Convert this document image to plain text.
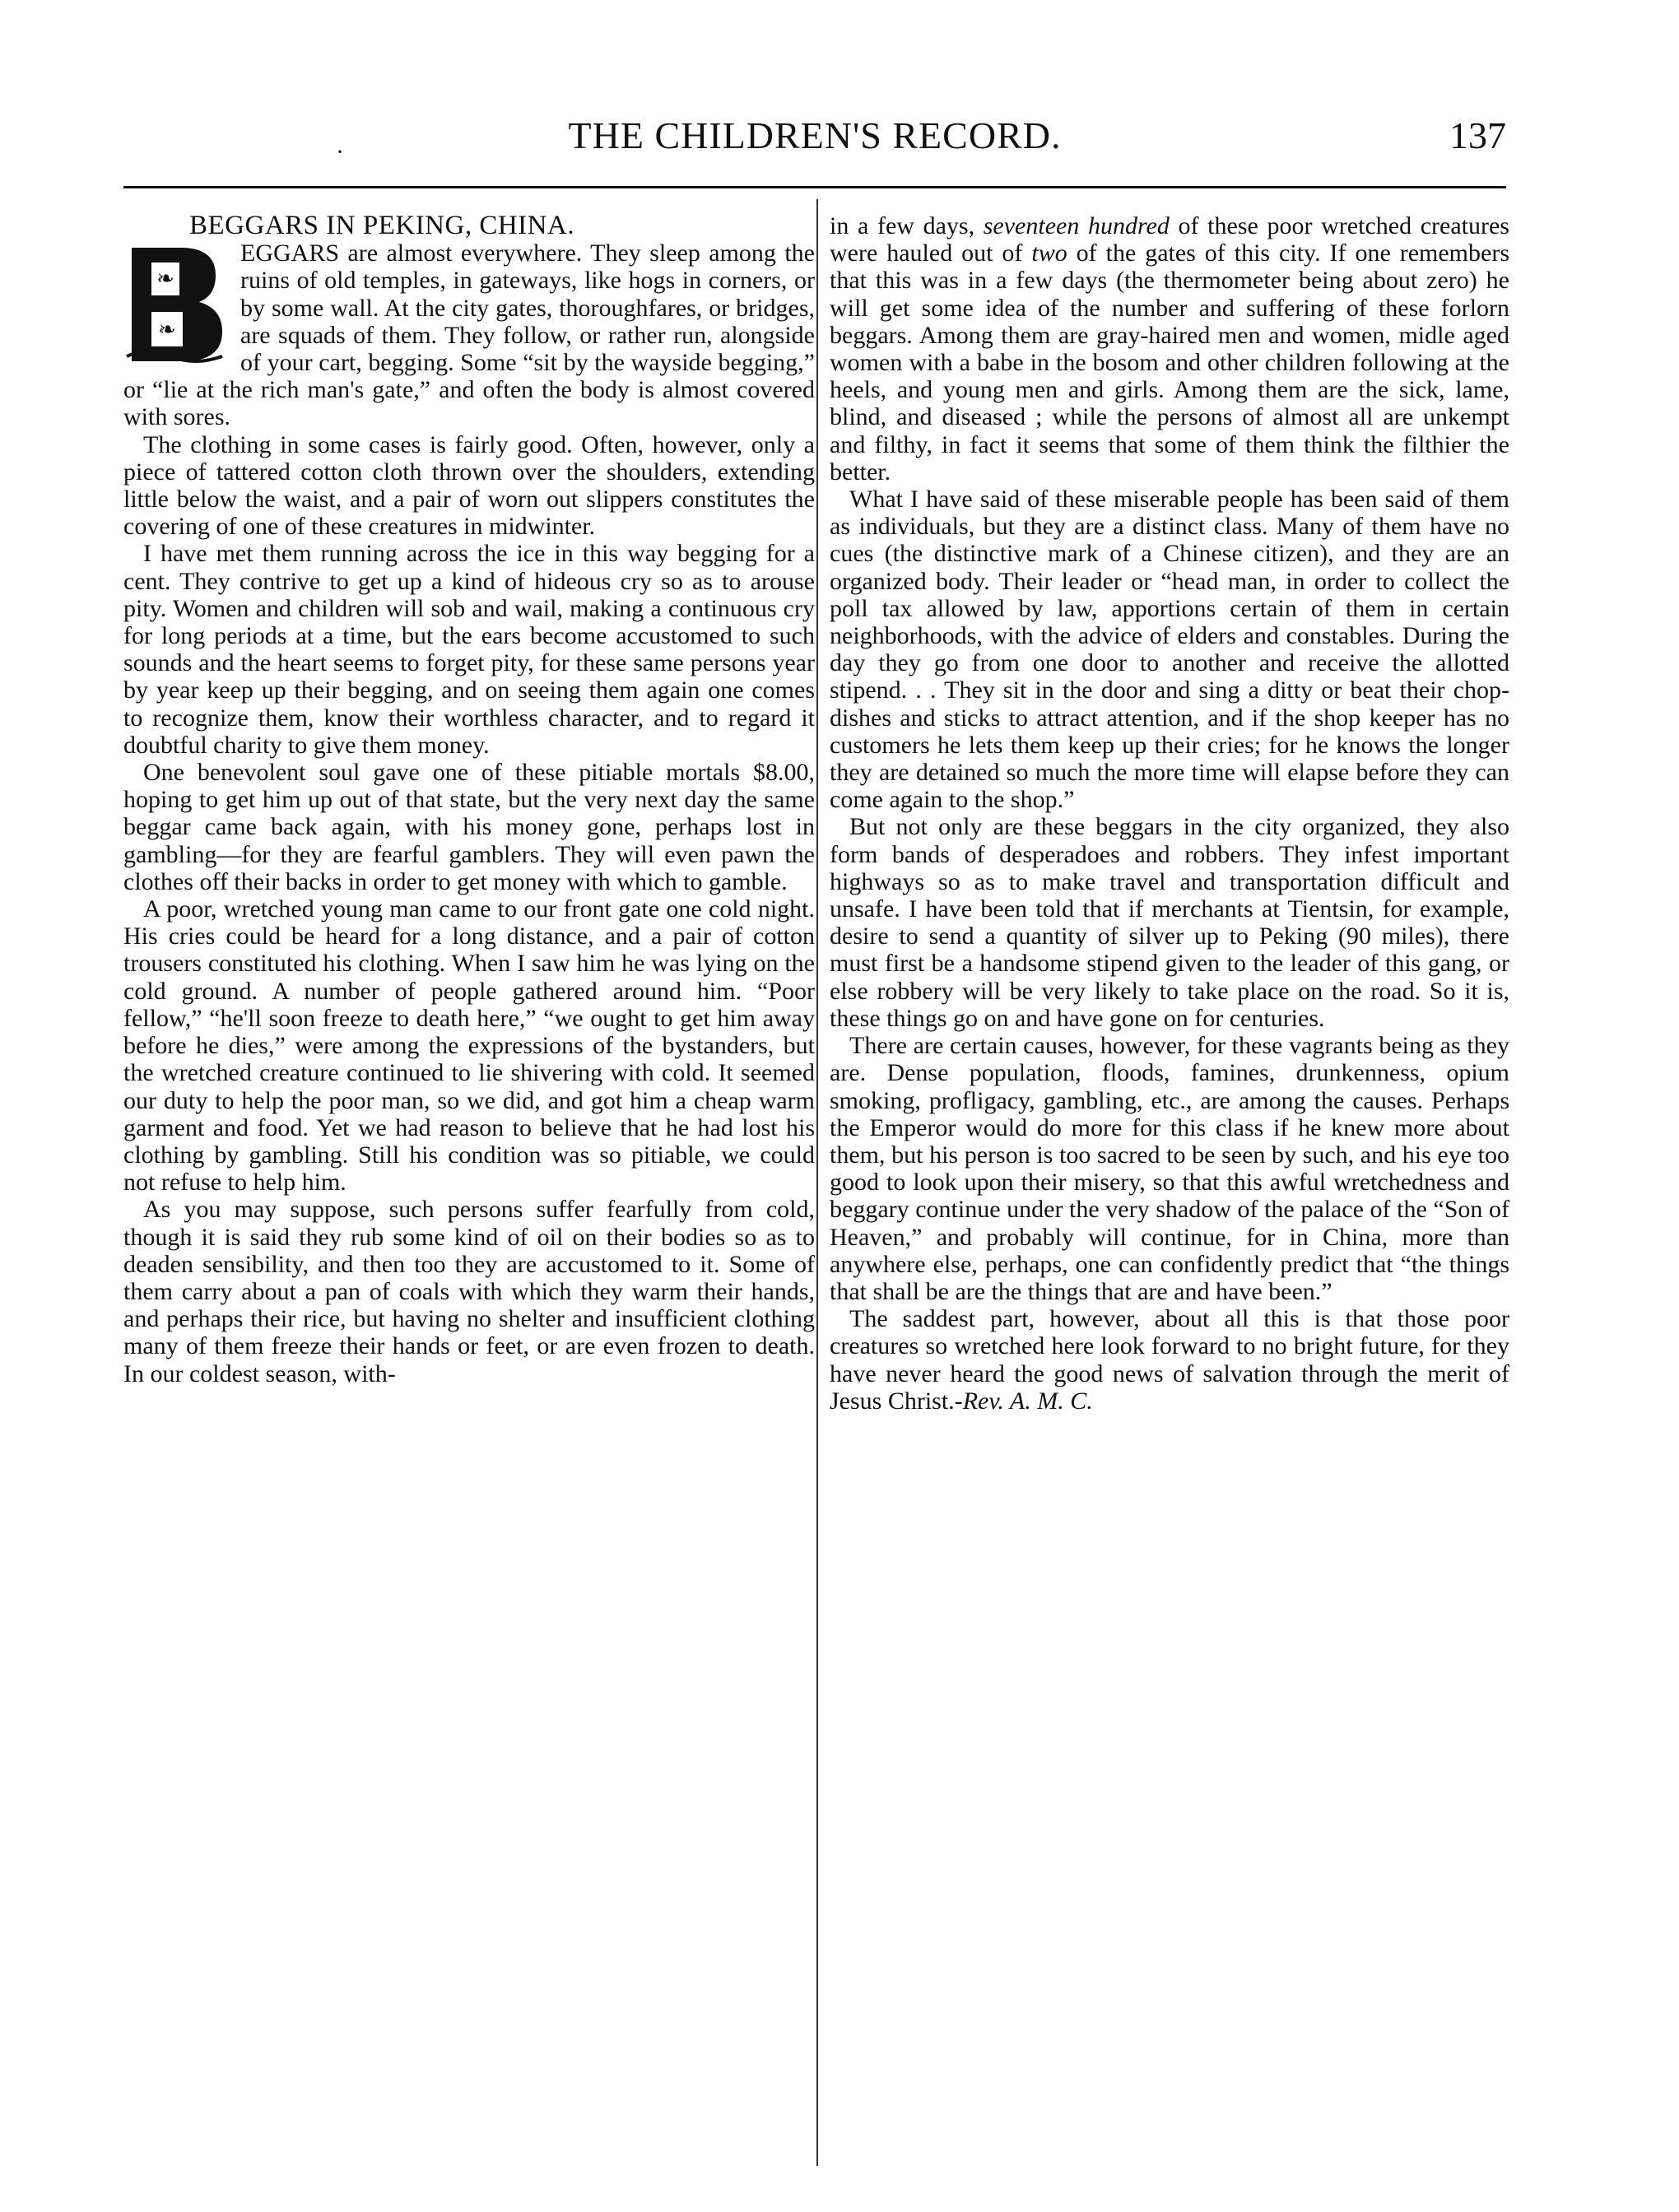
·	THE CHILDREN'S RECORD.	137
BEGGARS IN PEKING, CHINA.
❧
❧

EGGARS are almost everywhere. They sleep among the ruins of old temples, in gateways, like hogs in corners, or by some wall. At the city gates, thoroughfares, or bridges, are squads of them. They follow, or rather run, alongside of your cart, begging. Some “sit by the wayside begging,” or “lie at the rich man's gate,” and often the body is almost covered with sores.

The clothing in some cases is fairly good. Often, however, only a piece of tattered cotton cloth thrown over the shoulders, extending little below the waist, and a pair of worn out slippers constitutes the covering of one of these creatures in midwinter.

I have met them running across the ice in this way begging for a cent. They contrive to get up a kind of hideous cry so as to arouse pity. Women and children will sob and wail, making a continuous cry for long periods at a time, but the ears become accustomed to such sounds and the heart seems to forget pity, for these same persons year by year keep up their begging, and on seeing them again one comes to recognize them, know their worthless character, and to regard it doubtful charity to give them money.

One benevolent soul gave one of these pitiable mortals $8.00, hoping to get him up out of that state, but the very next day the same beggar came back again, with his money gone, perhaps lost in gambling—for they are fearful gamblers. They will even pawn the clothes off their backs in order to get money with which to gamble.

A poor, wretched young man came to our front gate one cold night. His cries could be heard for a long distance, and a pair of cotton trousers constituted his clothing. When I saw him he was lying on the cold ground. A number of people gathered around him. “Poor fellow,” “he'll soon freeze to death here,” “we ought to get him away before he dies,” were among the expressions of the bystanders, but the wretched creature continued to lie shivering with cold. It seemed our duty to help the poor man, so we did, and got him a cheap warm garment and food. Yet we had reason to believe that he had lost his clothing by gambling. Still his condition was so pitiable, we could not refuse to help him.

As you may suppose, such persons suffer fearfully from cold, though it is said they rub some kind of oil on their bodies so as to deaden sensibility, and then too they are accustomed to it. Some of them carry about a pan of coals with which they warm their hands, and perhaps their rice, but having no shelter and insufficient clothing many of them freeze their hands or feet, or are even frozen to death. In our coldest season, with-

in a few days, seventeen hundred of these poor wretched creatures were hauled out of two of the gates of this city. If one remembers that this was in a few days (the thermometer being about zero) he will get some idea of the number and suffering of these forlorn beggars. Among them are gray-haired men and women, midle aged women with a babe in the bosom and other children following at the heels, and young men and girls. Among them are the sick, lame, blind, and diseased ; while the persons of almost all are unkempt and filthy, in fact it seems that some of them think the filthier the better.

What I have said of these miserable people has been said of them as individuals, but they are a distinct class. Many of them have no cues (the distinctive mark of a Chinese citizen), and they are an organized body. Their leader or “head man, in order to collect the poll tax allowed by law, apportions certain of them in certain neighborhoods, with the advice of elders and constables. During the day they go from one door to another and receive the allotted stipend. . . They sit in the door and sing a ditty or beat their chop-dishes and sticks to attract attention, and if the shop keeper has no customers he lets them keep up their cries; for he knows the longer they are detained so much the more time will elapse before they can come again to the shop.”

But not only are these beggars in the city organized, they also form bands of desperadoes and robbers. They infest important highways so as to make travel and transportation difficult and unsafe. I have been told that if merchants at Tientsin, for example, desire to send a quantity of silver up to Peking (90 miles), there must first be a handsome stipend given to the leader of this gang, or else robbery will be very likely to take place on the road. So it is, these things go on and have gone on for centuries.

There are certain causes, however, for these vagrants being as they are. Dense population, floods, famines, drunkenness, opium smoking, profligacy, gambling, etc., are among the causes. Perhaps the Emperor would do more for this class if he knew more about them, but his person is too sacred to be seen by such, and his eye too good to look upon their misery, so that this awful wretchedness and beggary continue under the very shadow of the palace of the “Son of Heaven,” and probably will continue, for in China, more than anywhere else, perhaps, one can confidently predict that “the things that shall be are the things that are and have been.”

The saddest part, however, about all this is that those poor creatures so wretched here look forward to no bright future, for they have never heard the good news of salvation through the merit of Jesus Christ.-Rev. A. M. C.
